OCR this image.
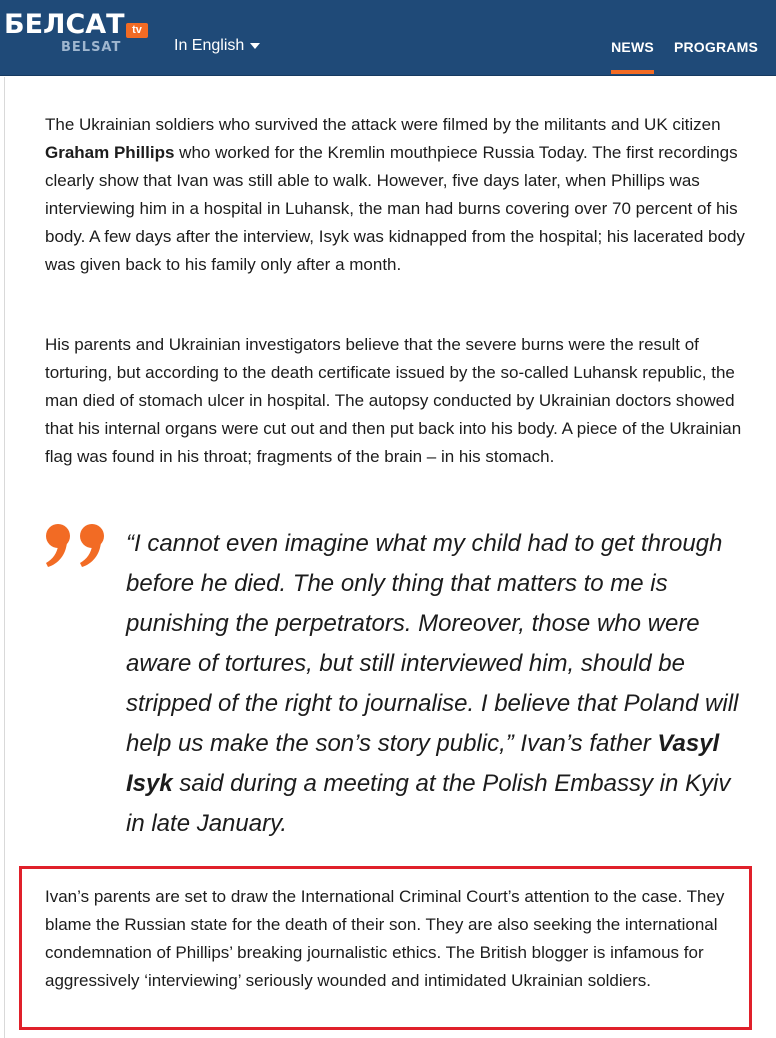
БЕЛСАТ tv
BELSAT	In English	NEWS PROGRAMS

The Ukrainian soldiers who survived the attack were filmed by the militants and UK citizen Graham Phillips who worked for the Kremlin mouthpiece Russia Today. The first recordings clearly show that Ivan was still able to walk. However, five days later, when Phillips was interviewing him in a hospital in Luhansk, the man had burns covering over 70 percent of his body. A few days after the interview, Isyk was kidnapped from the hospital; his lacerated body was given back to his family only after a month.

His parents and Ukrainian investigators believe that the severe burns were the result of torturing, but according to the death certificate issued by the so-called Luhansk republic, the man died of stomach ulcer in hospital. The autopsy conducted by Ukrainian doctors showed that his internal organs were cut out and then put back into his body. A piece of the Ukrainian flag was found in his throat; fragments of the brain – in his stomach.

“I cannot even imagine what my child had to get through before he died. The only thing that matters to me is punishing the perpetrators. Moreover, those who were aware of tortures, but still interviewed him, should be stripped of the right to journalise. I believe that Poland will help us make the son’s story public,” Ivan’s father Vasyl Isyk said during a meeting at the Polish Embassy in Kyiv in late January.

Ivan’s parents are set to draw the International Criminal Court’s attention to the case. They blame the Russian state for the death of their son. They are also seeking the international condemnation of Phillips’ breaking journalistic ethics. The British blogger is infamous for aggressively ‘interviewing’ seriously wounded and intimidated Ukrainian soldiers.
